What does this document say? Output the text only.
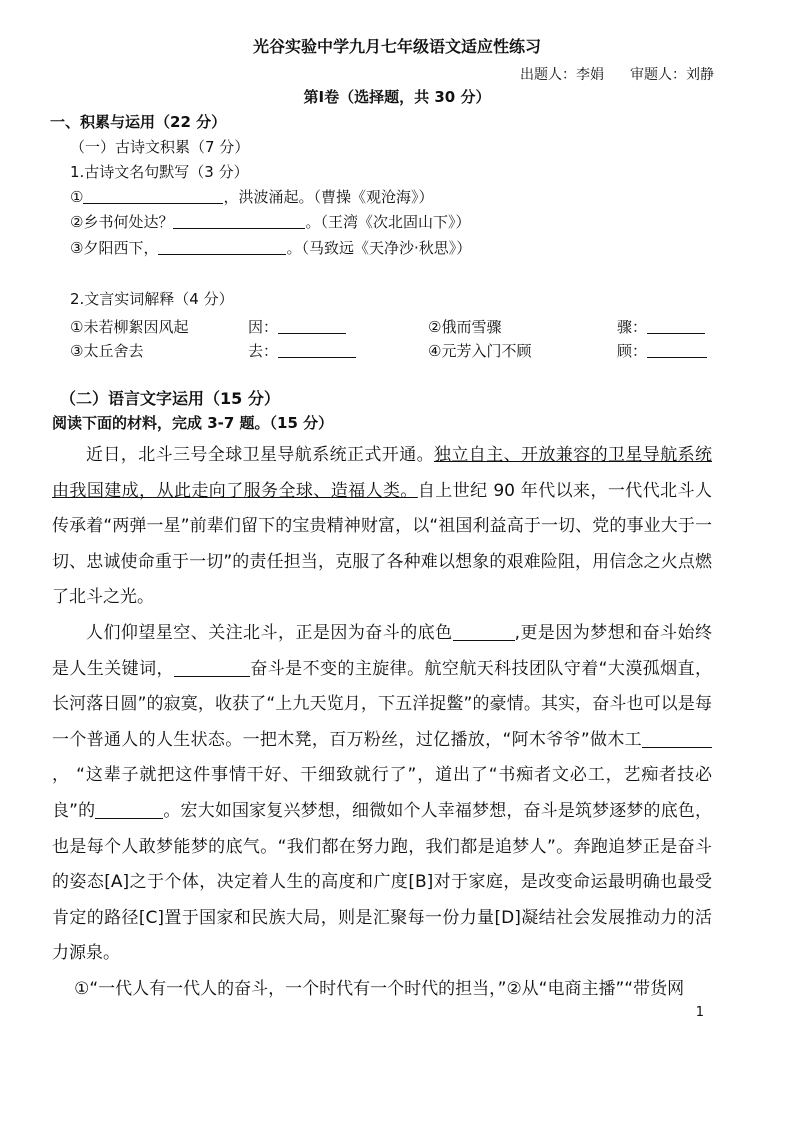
光谷实验中学九月七年级语文适应性练习
出题人：李娟 审题人：刘静
第Ⅰ卷（选择题，共 30 分）
一、积累与运用（22 分）
（一）古诗文积累（7 分）
1.古诗文名句默写（3 分）
①	，洪波涌起。（曹操《观沧海》）
②乡书何处达？	。（王湾《次北固山下》）
③夕阳西下，	。（马致远《天净沙·秋思》）
2.文言实词解释（4 分）
①未若柳絮因风起	因：	②俄而雪骤	骤：
③太丘舍去	去：	④元芳入门不顾	顾：
（二）语言文字运用（15 分）
阅读下面的材料，完成 3-7 题。（15 分）

近日，北斗三号全球卫星导航系统正式开通。独立自主、开放兼容的卫星导航系统由我国建成，从此走向了服务全球、造福人类。自上世纪 90 年代以来，一代代北斗人传承着“两弹一星”前辈们留下的宝贵精神财富，以“祖国利益高于一切、党的事业大于一切、忠诚使命重于一切”的责任担当，克服了各种难以想象的艰难险阻，用信念之火点燃了北斗之光。

人们仰望星空、关注北斗，正是因为奋斗的底色	,更是因为梦想和奋斗始终是人生关键词，	奋斗是不变的主旋律。航空航天科技团队守着“大漠孤烟直，长河落日圆”的寂寞，收获了“上九天览月，下五洋捉鳖”的豪情。其实，奋斗也可以是每一个普通人的人生状态。一把木凳，百万粉丝，过亿播放，“阿木爷爷”做木工， “这辈子就把这件事情干好、干细致就行了”，道出了“书痴者文必工，艺痴者技必良”的	。宏大如国家复兴梦想，细微如个人幸福梦想，奋斗是筑梦逐梦的底色，也是每个人敢梦能梦的底气。“我们都在努力跑，我们都是追梦人”。奔跑追梦正是奋斗的姿态[A]之于个体，决定着人生的高度和广度[B]对于家庭，是改变命运最明确也最受肯定的路径[C]置于国家和民族大局，则是汇聚每一份力量[D]凝结社会发展推动力的活力源泉。

①“一代人有一代人的奋斗，一个时代有一个时代的担当，”②从“电商主播”“带货网

1
